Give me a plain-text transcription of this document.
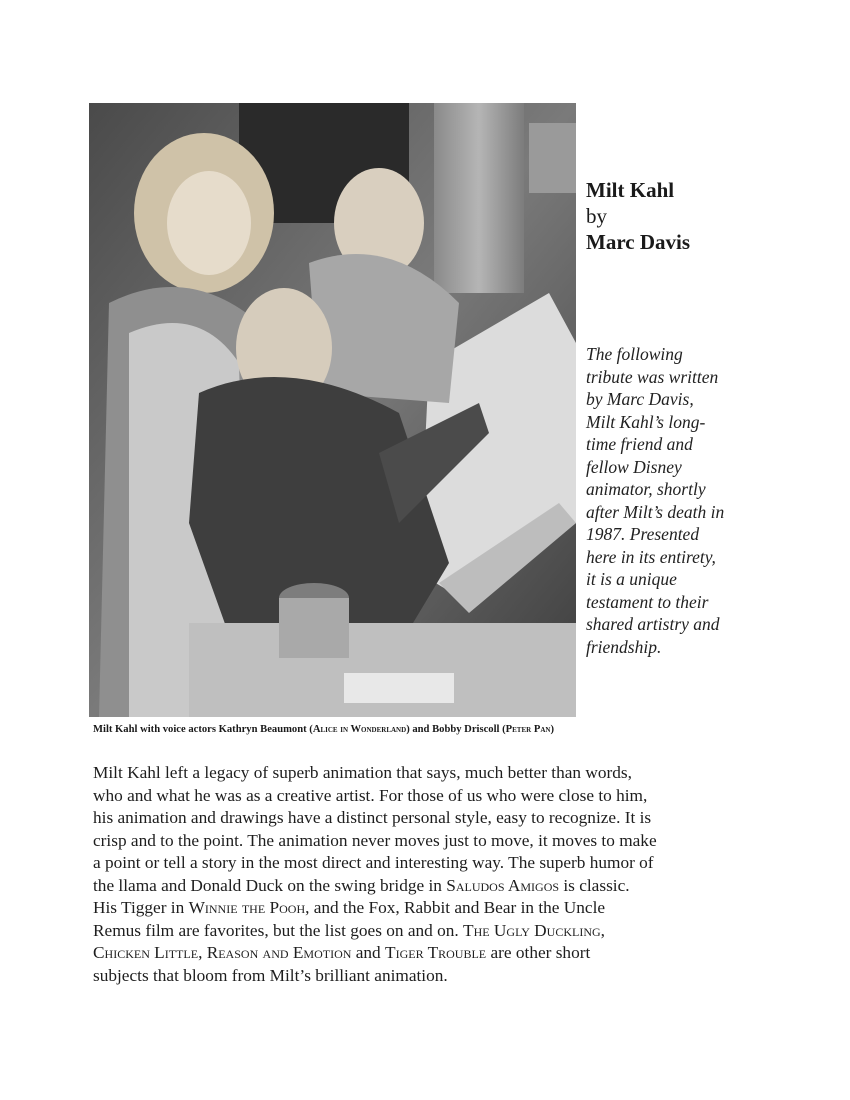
Milt Kahl
by
Marc Davis
The following
tribute was written
by Marc Davis,
Milt Kahl’s long-
time friend and
fellow Disney
animator, shortly
after Milt’s death in
1987. Presented
here in its entirety,
it is a unique
testament to their
shared artistry and
friendship.
Milt Kahl with voice actors Kathryn Beaumont (Alice in Wonderland) and Bobby Driscoll (Peter Pan)
Milt Kahl left a legacy of superb animation that says, much better than words,
who and what he was as a creative artist. For those of us who were close to him,
his animation and drawings have a distinct personal style, easy to recognize. It is
crisp and to the point. The animation never moves just to move, it moves to make
a point or tell a story in the most direct and interesting way. The superb humor of
the llama and Donald Duck on the swing bridge in Saludos Amigos is classic.
His Tigger in Winnie the Pooh, and the Fox, Rabbit and Bear in the Uncle
Remus film are favorites, but the list goes on and on. The Ugly Duckling,
Chicken Little, Reason and Emotion and Tiger Trouble are other short
subjects that bloom from Milt’s brilliant animation.
